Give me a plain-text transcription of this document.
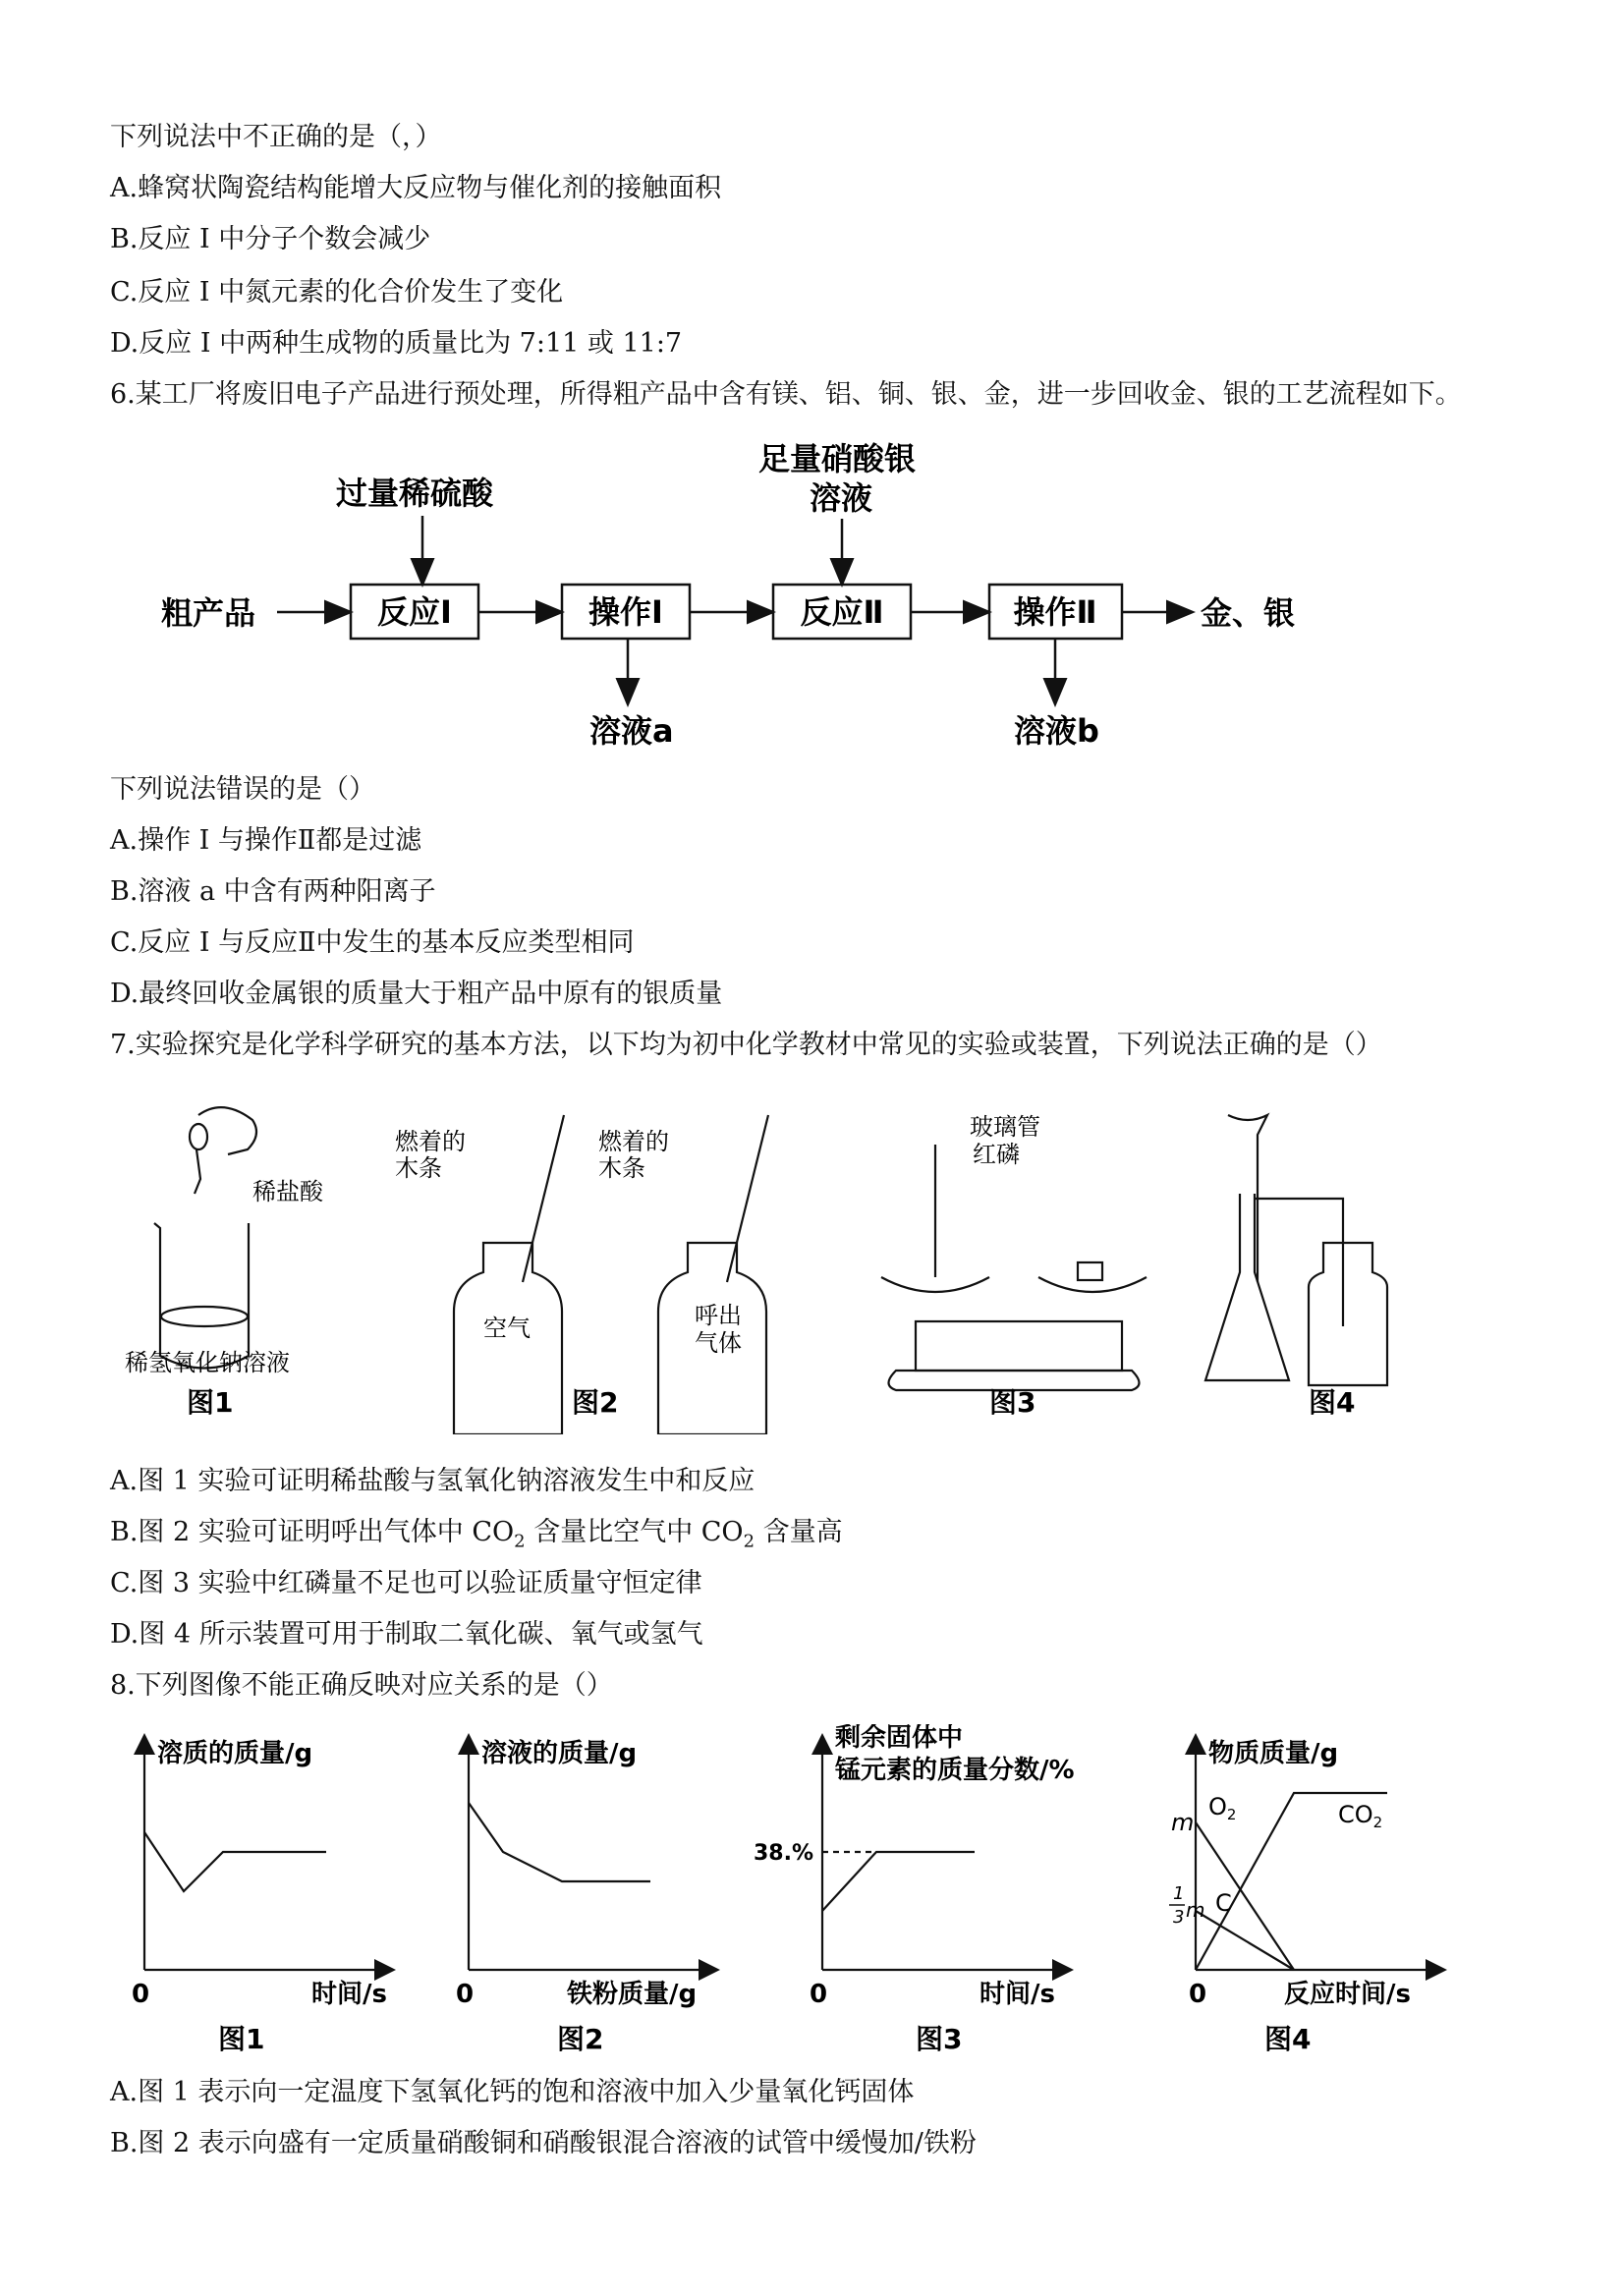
下列说法中不正确的是（，）
A.蜂窝状陶瓷结构能增大反应物与催化剂的接触面积
B.反应 I 中分子个数会减少
C.反应 I 中氮元素的化合价发生了变化
D.反应 I 中两种生成物的质量比为 7:11 或 11:7
6.某工厂将废旧电子产品进行预处理，所得粗产品中含有镁、铝、铜、银、金，进一步回收金、银的工艺流程如下。
过量稀硫酸
足量硝酸银
溶液
粗产品	金、银
溶液a	溶液b
反应Ⅰ	操作Ⅰ	反应Ⅱ	操作Ⅱ
下列说法错误的是（）
A.操作 I 与操作Ⅱ都是过滤
B.溶液 a 中含有两种阳离子
C.反应 I 与反应Ⅱ中发生的基本反应类型相同
D.最终回收金属银的质量大于粗产品中原有的银质量
7.实验探究是化学科学研究的基本方法，以下均为初中化学教材中常见的实验或装置，下列说法正确的是（）
稀盐酸
稀氢氧化钠溶液
燃着的
木条
燃着的
木条
空气	呼出
气体
玻璃管
红磷
图1	图2	图3	图4
A.图 1 实验可证明稀盐酸与氢氧化钠溶液发生中和反应
B.图 2 实验可证明呼出气体中 $CO_2$ 含量比空气中 $CO_2$ 含量高
C.图 3 实验中红磷量不足也可以验证质量守恒定律
D.图 4 所示装置可用于制取二氧化碳、氧气或氢气
8.下列图像不能正确反映对应关系的是（）
溶质的质量/g
时间/s
0
溶液的质量/g
铁粉质量/g
0
剩余固体中
锰元素的质量分数/%
38.%
时间/s
0
物质质量/g
反应时间/s
0
m
1
3 m
$O_2$	$CO_2$
C
图1	图2	图3	图4
A.图 1 表示向一定温度下氢氧化钙的饱和溶液中加入少量氧化钙固体
B.图 2 表示向盛有一定质量硝酸铜和硝酸银混合溶液的试管中缓慢加/铁粉
